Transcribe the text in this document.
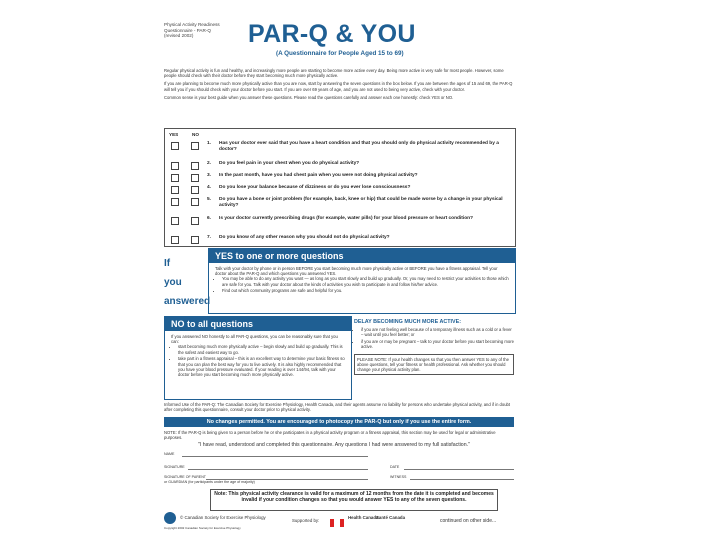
Physical Activity Readiness
Questionnaire - PAR-Q
(revised 2002)	PAR-Q & YOU
(A Questionnaire for People Aged 15 to 69)

Regular physical activity is fun and healthy, and increasingly more people are starting to become more active every day. Being more active is very safe for most people. However, some people should check with their doctor before they start becoming much more physically active.

If you are planning to become much more physically active than you are now, start by answering the seven questions in the box below. If you are between the ages of 15 and 69, the PAR-Q will tell you if you should check with your doctor before you start. If you are over 69 years of age, and you are not used to being very active, check with your doctor.

Common sense is your best guide when you answer these questions. Please read the questions carefully and answer each one honestly: check YES or NO.

YES	NO
1. Has your doctor ever said that you have a heart condition and that you should only do physical activity recommended by a doctor?
2. Do you feel pain in your chest when you do physical activity?
3. In the past month, have you had chest pain when you were not doing physical activity?
4. Do you lose your balance because of dizziness or do you ever lose consciousness?
5. Do you have a bone or joint problem (for example, back, knee or hip) that could be made worse by a change in your physical activity?
6. Is your doctor currently prescribing drugs (for example, water pills) for your blood pressure or heart condition?
7. Do you know of any other reason why you should not do physical activity?
If
you
answered
YES to one or more questions
Talk with your doctor by phone or in person BEFORE you start becoming much more physically active or BEFORE you have a fitness appraisal. Tell your doctor about the PAR-Q and which questions you answered YES.
• You may be able to do any activity you want — as long as you start slowly and build up gradually. Or, you may need to restrict your activities to those which are safe for you. Talk with your doctor about the kinds of activities you wish to participate in and follow his/her advice.
• Find out which community programs are safe and helpful for you.
NO to all questions
If you answered NO honestly to all PAR-Q questions, you can be reasonably sure that you can:
• start becoming much more physically active – begin slowly and build up gradually. This is the safest and easiest way to go.
• take part in a fitness appraisal – this is an excellent way to determine your basic fitness so that you can plan the best way for you to live actively. It is also highly recommended that you have your blood pressure evaluated. If your reading is over 144/94, talk with your doctor before you start becoming much more physically active.
DELAY BECOMING MUCH MORE ACTIVE:
• if you are not feeling well because of a temporary illness such as a cold or a fever – wait until you feel better; or
• if you are or may be pregnant – talk to your doctor before you start becoming more active.
PLEASE NOTE: If your health changes so that you then answer YES to any of the above questions, tell your fitness or health professional. Ask whether you should change your physical activity plan.
Informed Use of the PAR-Q: The Canadian Society for Exercise Physiology, Health Canada, and their agents assume no liability for persons who undertake physical activity, and if in doubt after completing this questionnaire, consult your doctor prior to physical activity.
No changes permitted. You are encouraged to photocopy the PAR-Q but only if you use the entire form.
NOTE: If the PAR-Q is being given to a person before he or she participates in a physical activity program or a fitness appraisal, this section may be used for legal or administrative purposes.
"I have read, understood and completed this questionnaire. Any questions I had were answered to my full satisfaction."
NAME
SIGNATURE	DATE
SIGNATURE OF PARENT
or GUARDIAN (for participants under the age of majority)
WITNESS
Note: This physical activity clearance is valid for a maximum of 12 months from the date it is completed and becomes invalid if your condition changes so that you would answer YES to any of the seven questions.
© Canadian Society for Exercise Physiology
Supported by:
Health Canada
Santé Canada
continued on other side...
Copyright 2002 Canadian Society for Exercise Physiology
